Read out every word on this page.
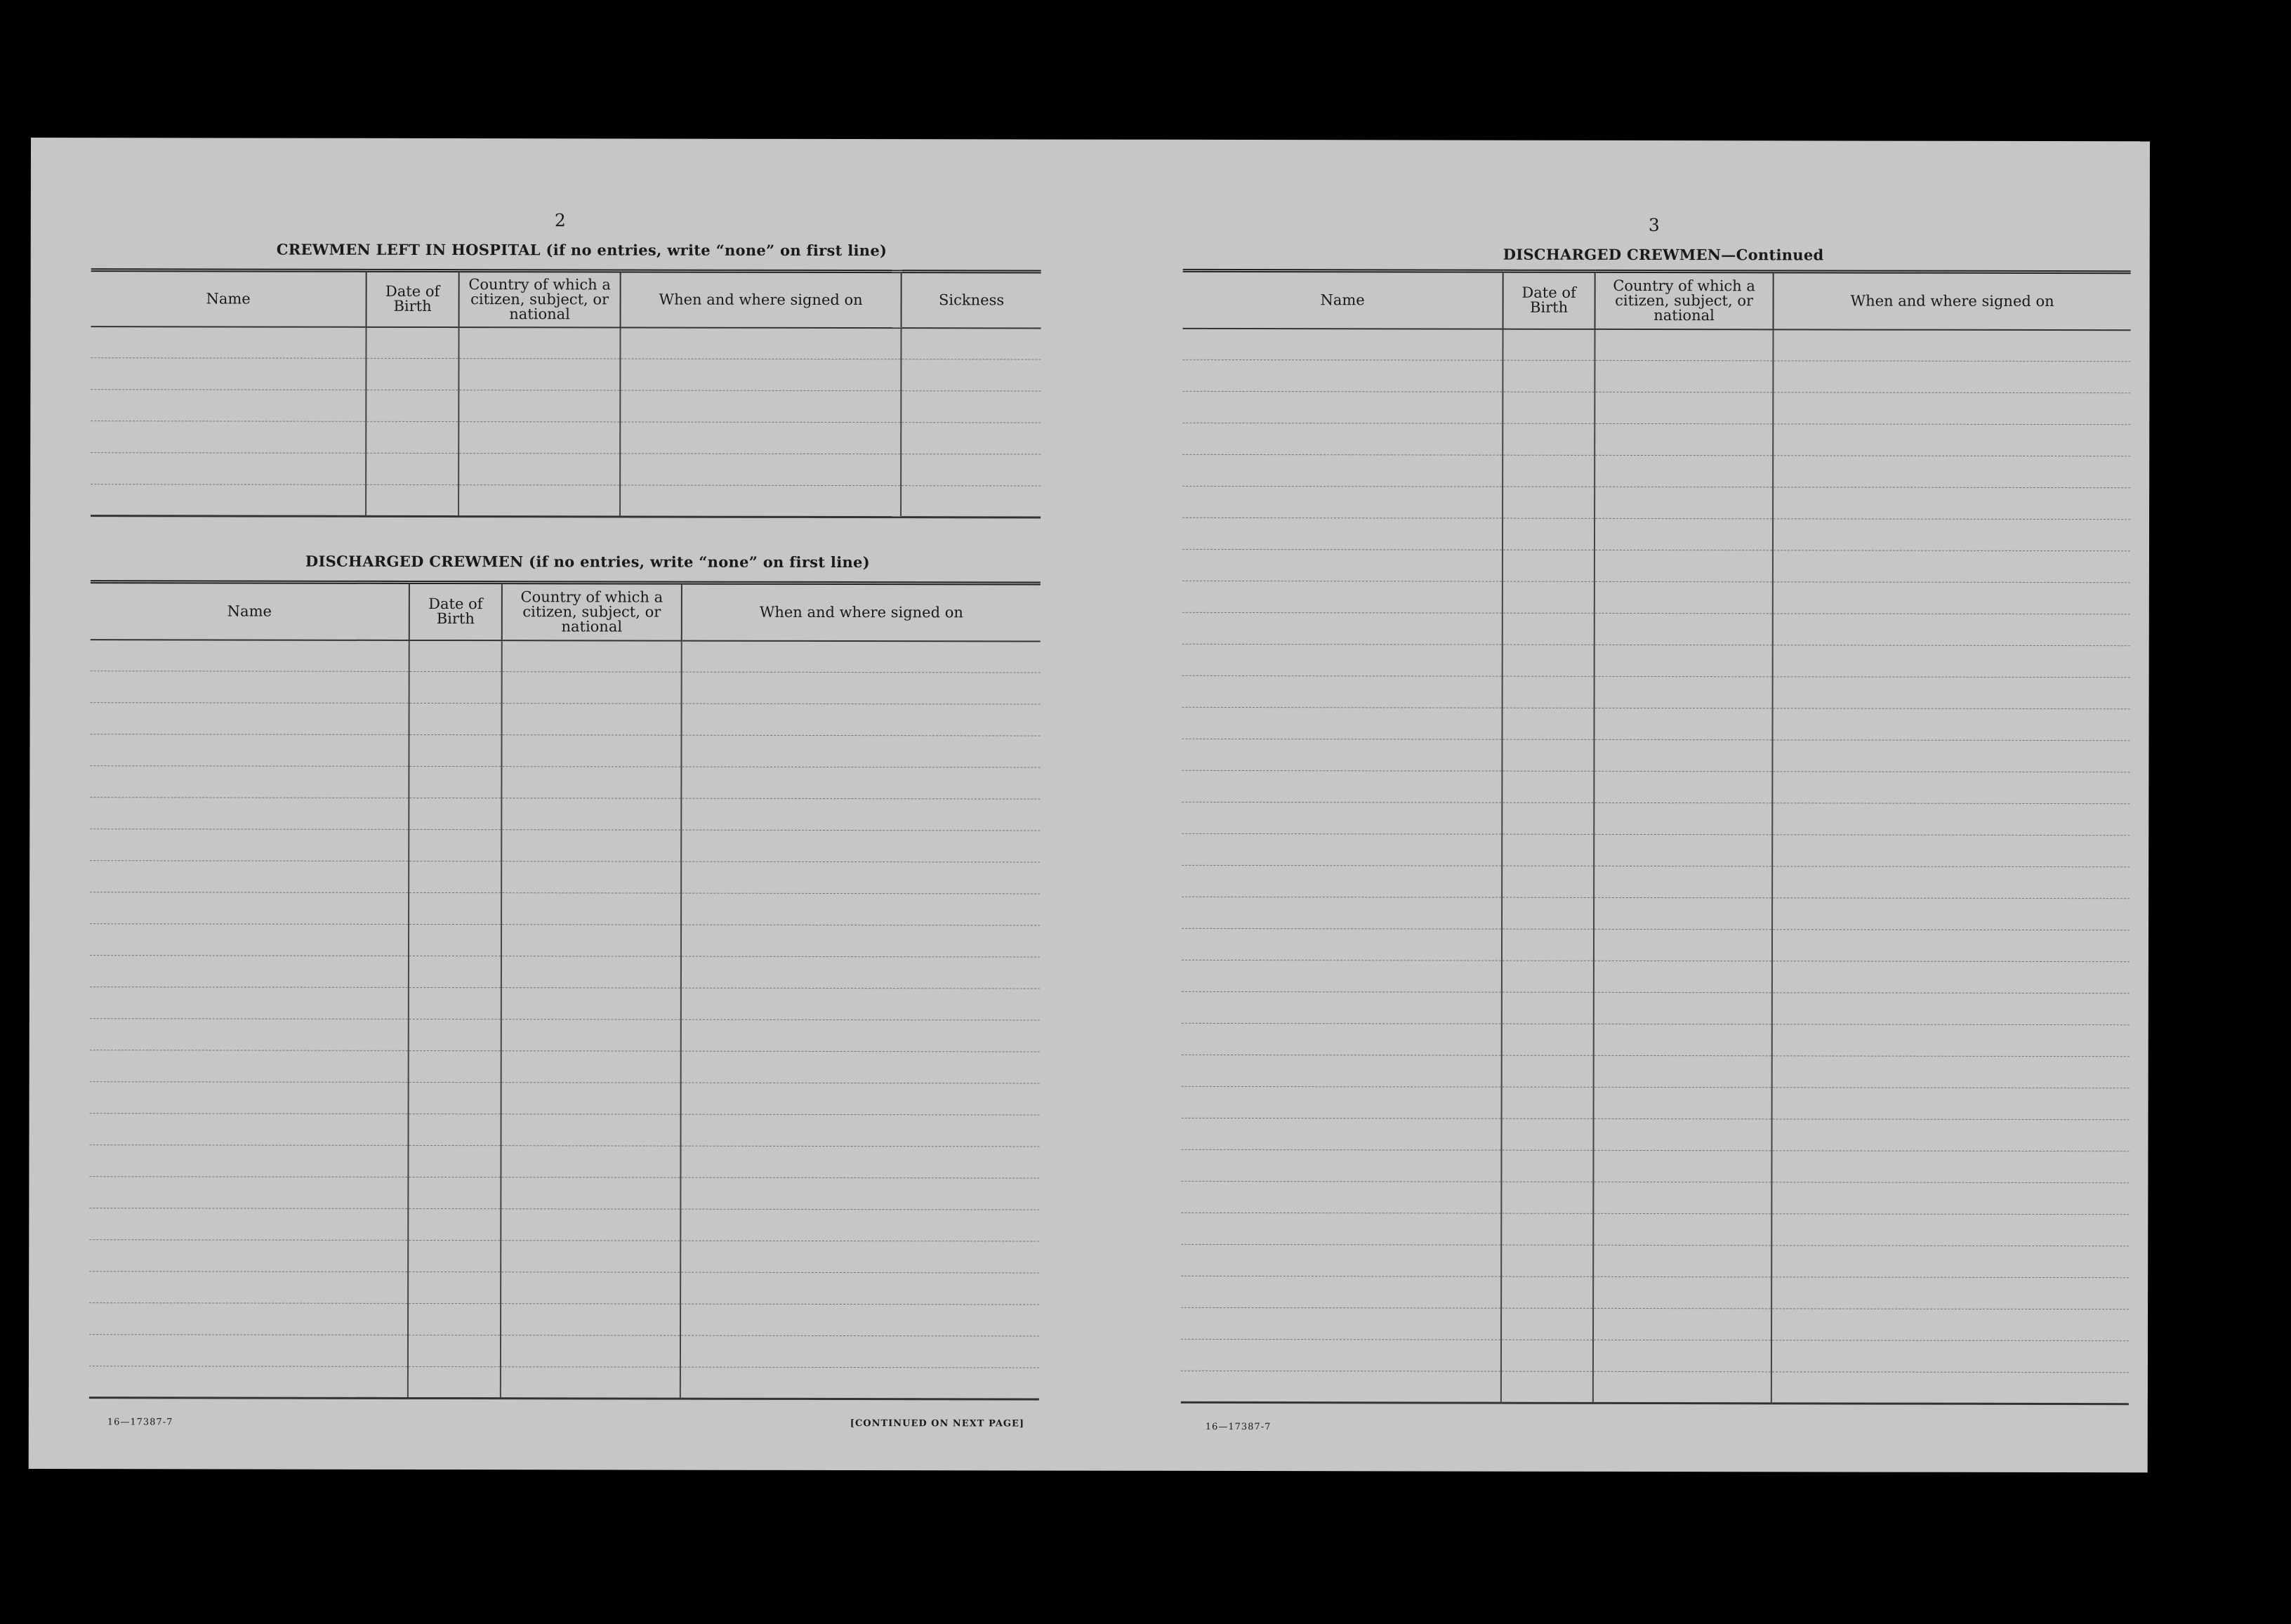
2
CREWMEN LEFT IN HOSPITAL (if no entries, write “none” on first line)
Name	Date of Birth	Country of which a citizen, subject, or national	When and where signed on	Sickness

DISCHARGED CREWMEN (if no entries, write “none” on first line)
Name	Date of Birth	Country of which a citizen, subject, or national	When and where signed on

16—17387-7	[CONTINUED ON NEXT PAGE]
3
DISCHARGED CREWMEN—Continued
Name	Date of Birth	Country of which a citizen, subject, or national	When and where signed on

16—17387-7
